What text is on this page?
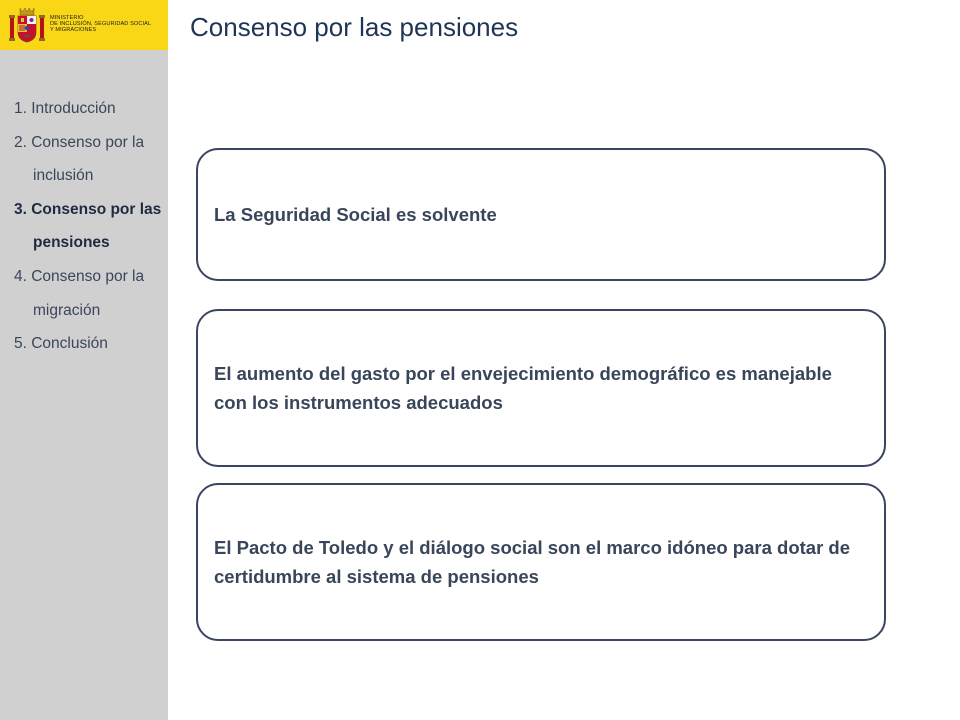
MINISTERIO
DE INCLUSIÓN, SEGURIDAD SOCIAL
Y MIGRACIONES
1. Introducción
2. Consenso por la inclusión
3. Consenso por las pensiones
4. Consenso por la migración
5. Conclusión
Consenso por las pensiones

La Seguridad Social es solvente

El aumento del gasto por el envejecimiento demográfico es manejable con los instrumentos adecuados

El Pacto de Toledo y el diálogo social son el marco idóneo para dotar de certidumbre al sistema de pensiones
